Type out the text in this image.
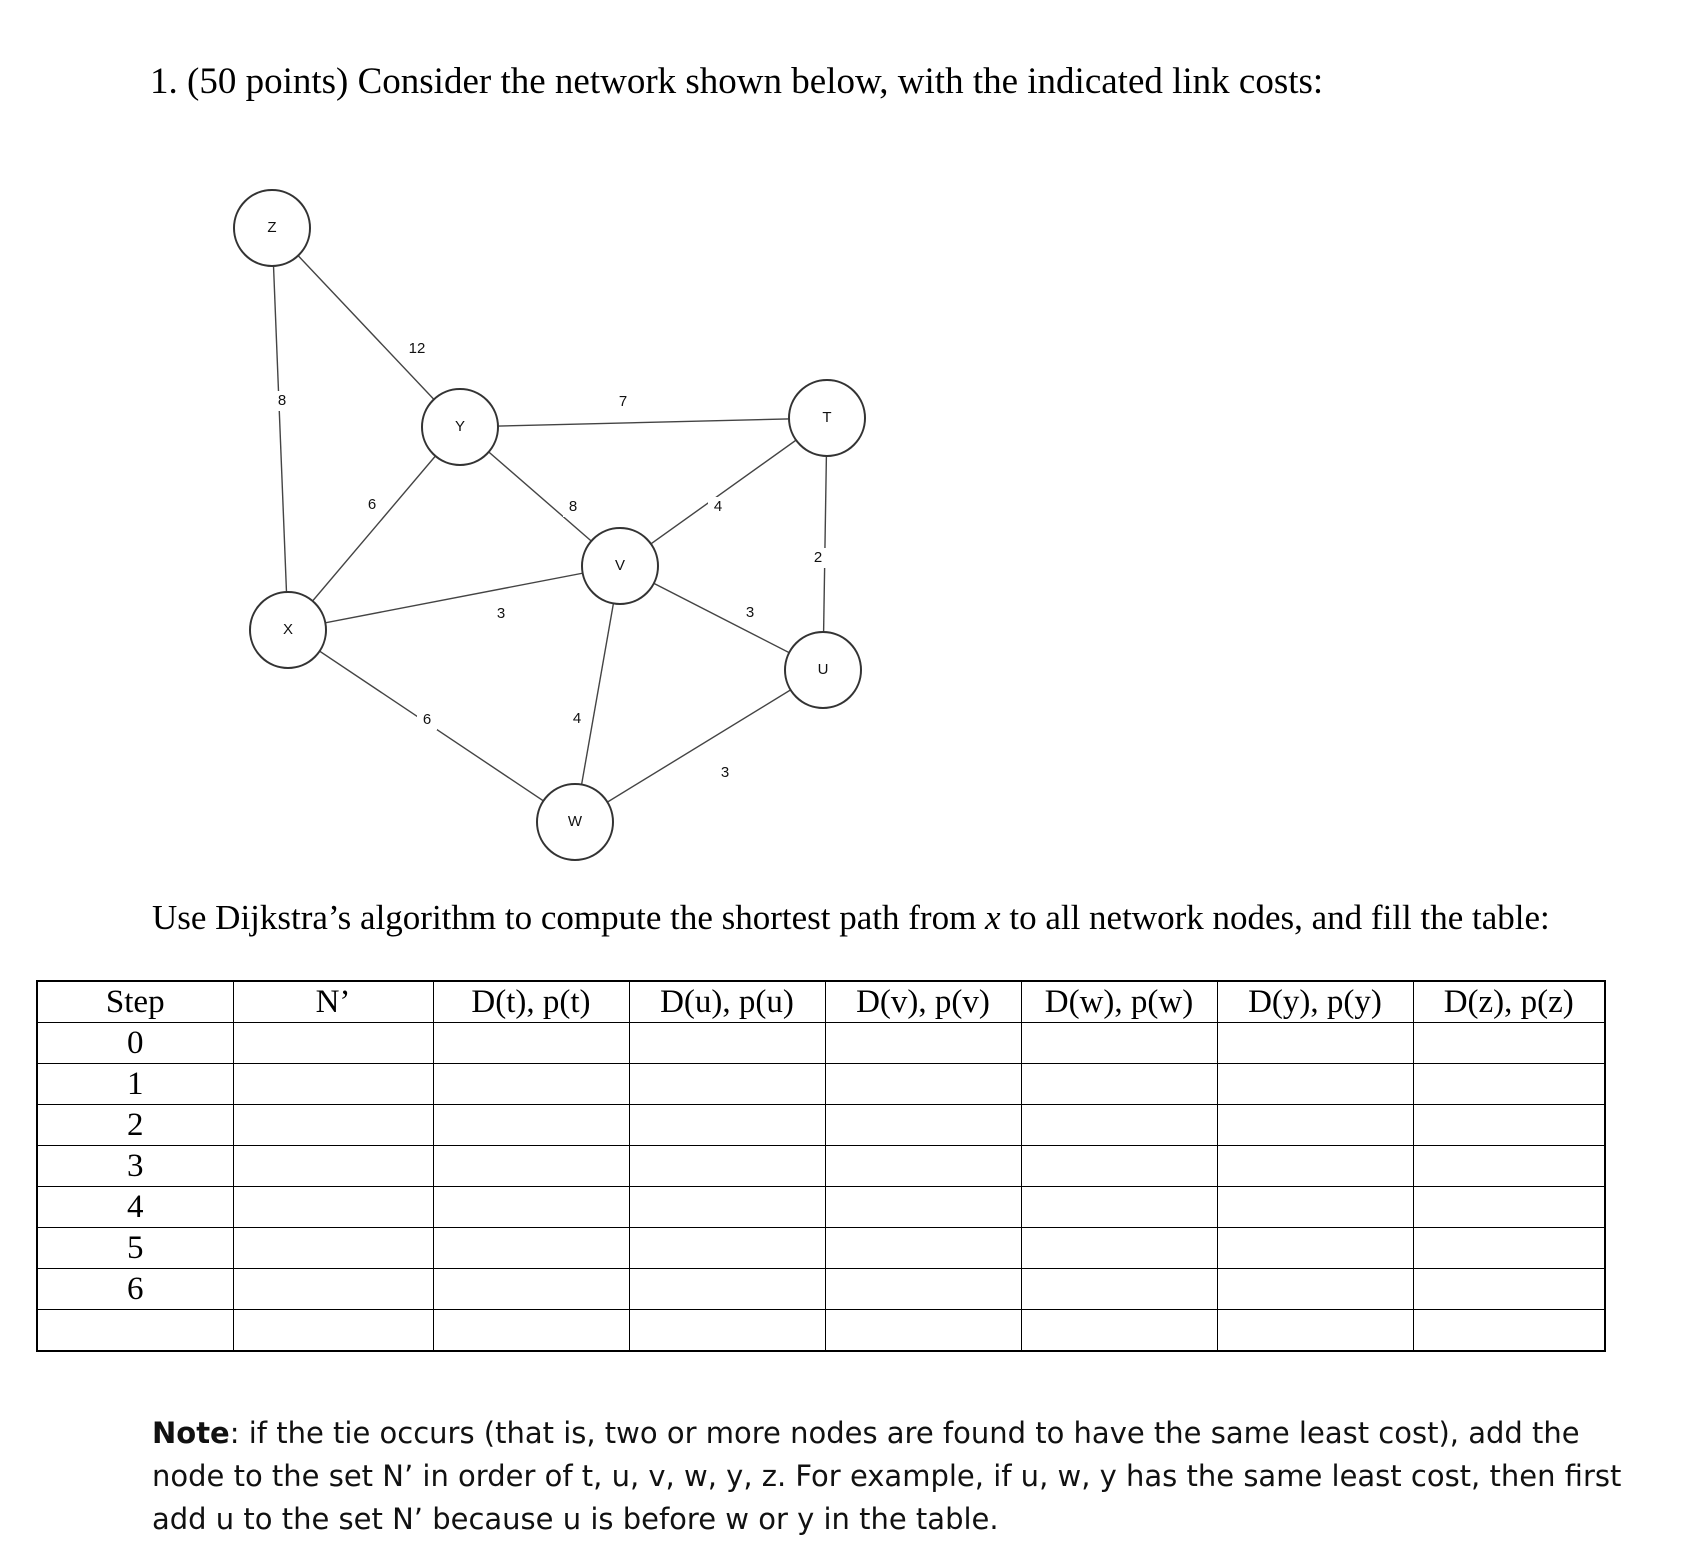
1. (50 points) Consider the network shown below, with the indicated link costs:
Z
Y
T
V
X
U
W
8
12
7
6	8	4
2
3	3
6	4
3
Use Dijkstra’s algorithm to compute the shortest path from x to all network nodes, and fill the table:
Step	N’	D(t), p(t)	D(u), p(u)	D(v), p(v)	D(w), p(w)	D(y), p(y)	D(z), p(z)
0							
1							
2							
3							
4							
5							
6							

Note: if the tie occurs (that is, two or more nodes are found to have the same least cost), add the node to the set N’ in order of t, u, v, w, y, z. For example, if u, w, y has the same least cost, then first add u to the set N’ because u is before w or y in the table.
